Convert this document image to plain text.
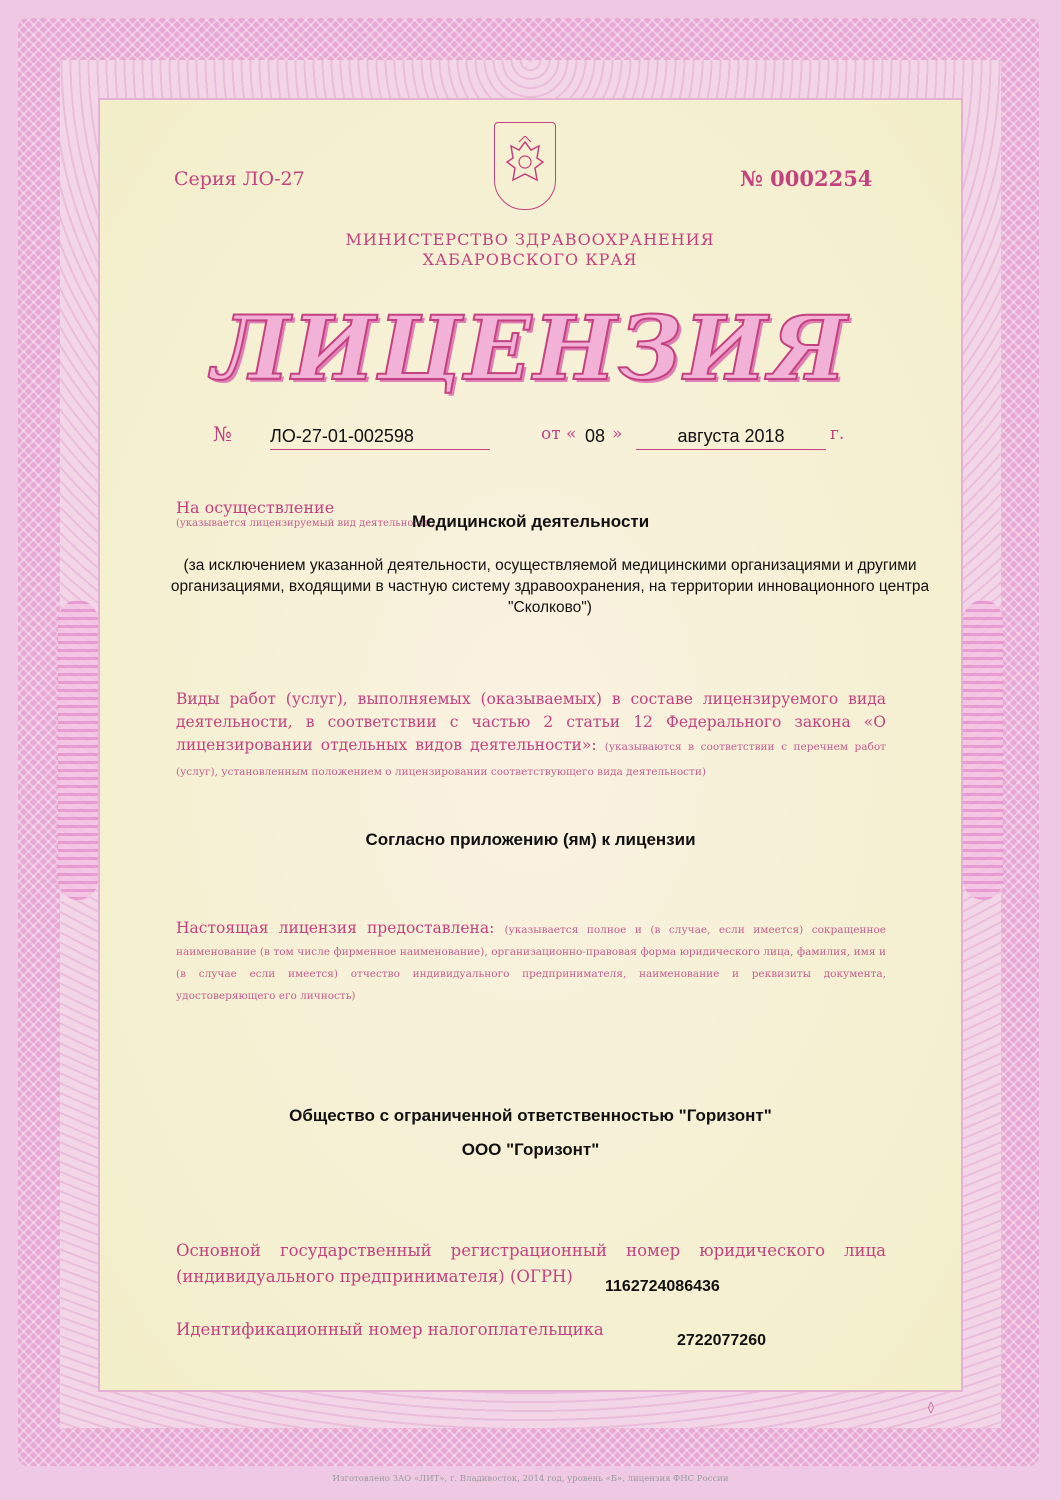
Серия ЛО-27	№ 0002254
МИНИСТЕРСТВО ЗДРАВООХРАНЕНИЯ
ХАБАРОВСКОГО КРАЯ
ЛИЦЕНЗИЯ
№ ЛО-27-01-002598	от « 08 »	августа 2018	г.
На осуществление
(указывается лицензируемый вид деятельности)
Медицинской деятельности
(за исключением указанной деятельности, осуществляемой медицинскими организациями и другими организациями, входящими в частную систему здравоохранения, на территории инновационного центра "Сколково")
Виды работ (услуг), выполняемых (оказываемых) в составе лицензируемого вида деятельности, в соответствии с частью 2 статьи 12 Федерального закона «О лицензировании отдельных видов деятельности»: (указываются в соответствии с перечнем работ (услуг), установленным положением о лицензировании соответствующего вида деятельности)
Согласно приложению (ям) к лицензии
Настоящая лицензия предоставлена: (указывается полное и (в случае, если имеется) сокращенное наименование (в том числе фирменное наименование), организационно-правовая форма юридического лица, фамилия, имя и (в случае если имеется) отчество индивидуального предпринимателя, наименование и реквизиты документа, удостоверяющего его личность)
Общество с ограниченной ответственностью "Горизонт"
ООО "Горизонт"
Основной государственный регистрационный номер юридического лица (индивидуального предпринимателя) (ОГРН)
1162724086436
Идентификационный номер налогоплательщика
2722077260
◊
Изготовлено ЗАО «ЛИТ», г. Владивосток, 2014 год, уровень «Б», лицензия ФНС России
